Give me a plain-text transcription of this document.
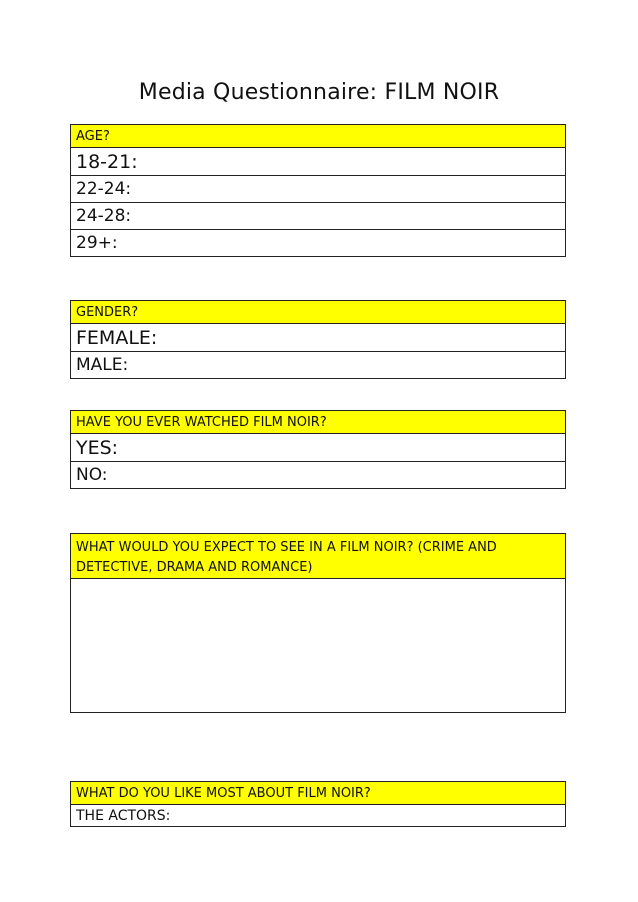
Media Questionnaire: FILM NOIR
AGE?
18-21:
22-24:
24-28:
29+:
GENDER?
FEMALE:
MALE:
HAVE YOU EVER WATCHED FILM NOIR?
YES:
NO:
WHAT WOULD YOU EXPECT TO SEE IN A FILM NOIR? (CRIME AND DETECTIVE, DRAMA AND ROMANCE)
WHAT DO YOU LIKE MOST ABOUT FILM NOIR?
THE ACTORS:
